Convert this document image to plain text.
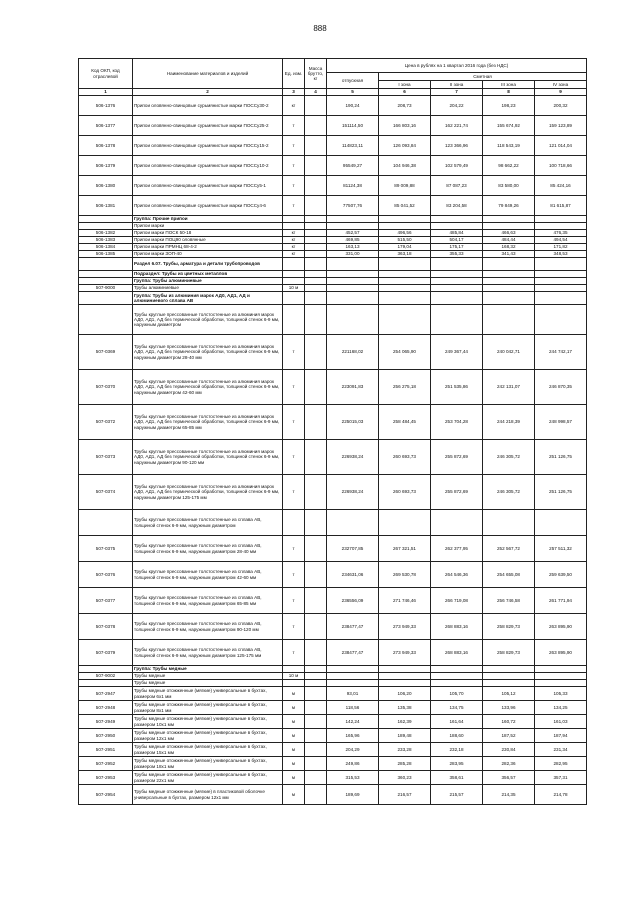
888
Код ОКП, код отраслевой	Наименование материалов и изделий	Ед. изм.	Масса брутто, кг	Цена в рублях на 1 квартал 2016 года (без НДС)				
				отпускная	Сметная			
					I зона	II зона	III зона	IV зона
1	2	3	4	5	6	7	8	9
506-1376	Припои оловянно-свинцовые сурьмянистые марки ПОССу30-2	кг		190,24	208,73	204,22	198,23	200,32
506-1377	Припои оловянно-свинцовые сурьмянистые марки ПОССу25-2	т		151114,50	166 803,16	162 221,74	155 674,92	159 123,89
506-1378	Припои оловянно-свинцовые сурьмянистые марки ПОССу15-2	т		114823,11	126 093,84	123 366,96	118 543,19	121 014,04
506-1379	Припои оловянно-свинцовые сурьмянистые марки ПОССу10-2	т		95549,27	104 946,38	102 579,49	98 662,22	100 718,66
506-1380	Припои оловянно-свинцовые сурьмянистые марки ПОССу5-1	т		81124,38	89 009,88	87 087,23	83 580,00	85 424,16
506-1381	Припои оловянно-свинцовые сурьмянистые марки ПОССу4-6	т		77507,76	85 041,52	83 204,58	79 849,26	81 615,87
	Группа: Прочие припои							
	Припои марки							
506-1382	Припои марки ПОСК 50-18	кг		452,57	496,56	485,84	466,63	476,35
506-1383	Припои марки ПОЦ90 оловянные	кг		469,85	515,50	504,17	484,44	494,54
506-1384	Припои марки ПРМНЦ 68-4-2	кг		163,13	179,04	175,17	168,32	171,82
506-1385	Припои марки ЗОП-40	кг		331,00	363,18	355,33	341,43	348,53
	Раздел 6.07. Трубы, арматура и детали трубопроводов							
	Подраздел: Трубы из цветных металлов							
	Группа: Трубы алюминиевые							
507-9000	Трубы алюминиевые	10 м						
	Группа: Трубы из алюминия марок АД0, АД1, АД и алюминиевого сплава АВ							
	Трубы круглые прессованные толстостенные из алюминия марок АД0, АД1, АД без термической обработки, толщиной стенок 6-9 мм, наружным диаметром							
507-0369	Трубы круглые прессованные толстостенные из алюминия марок АД0, АД1, АД без термической обработки, толщиной стенок 6-9 мм, наружным диаметром 28-40 мм	т		221168,02	254 065,90	249 367,44	240 042,71	244 742,17
507-0370	Трубы круглые прессованные толстостенные из алюминия марок АД0, АД1, АД без термической обработки, толщиной стенок 6-9 мм, наружным диаметром 42-60 мм	т		223091,83	256 275,18	251 535,86	242 131,07	246 870,35
507-0372	Трубы круглые прессованные толстостенные из алюминия марок АД0, АД1, АД без термической обработки, толщиной стенок 6-9 мм, наружным диаметром 65-85 мм	т		225015,03	258 484,45	253 704,28	244 218,39	248 998,57
507-0373	Трубы круглые прессованные толстостенные из алюминия марок АД0, АД1, АД без термической обработки, толщиной стенок 6-9 мм, наружным диаметром 90-120 мм	т		226938,24	260 693,73	255 872,69	246 305,72	251 126,75
507-0374	Трубы круглые прессованные толстостенные из алюминия марок АД0, АД1, АД без термической обработки, толщиной стенок 6-9 мм, наружным диаметром 125-175 мм	т		226938,24	260 693,73	255 872,69	246 305,72	251 126,75
	Трубы круглые прессованные толстостенные из сплава АВ, толщиной стенок 6-9 мм, наружным диаметром							
507-0375	Трубы круглые прессованные толстостенные из сплава АВ, толщиной стенок 6-9 мм, наружным диаметром 28-40 мм	т		232707,85	267 321,51	262 377,95	252 567,72	257 511,32
507-0376	Трубы круглые прессованные толстостенные из сплава АВ, толщиной стенок 6-9 мм, наружным диаметром 42-60 мм	т		234631,06	269 530,78	264 546,36	254 655,08	259 639,50
507-0377	Трубы круглые прессованные толстостенные из сплава АВ, толщиной стенок 6-9 мм, наружным диаметром 65-85 мм	т		236556,09	271 746,46	266 719,08	256 746,58	261 771,94
507-0378	Трубы круглые прессованные толстостенные из сплава АВ, толщиной стенок 6-9 мм, наружным диаметром 90-120 мм	т		238477,47	273 949,33	268 883,16	258 829,73	263 895,90
507-0379	Трубы круглые прессованные толстостенные из сплава АВ, толщиной стенок 6-9 мм, наружным диаметром 125-175 мм	т		238477,47	273 949,33	268 883,16	258 829,73	263 895,90
	Группа: Трубы медные							
507-9002	Трубы медные	10 м						
	Трубы медные							
507-2947	Трубы медные отожженные (мягкие) универсальные в бухтах, размером 6х1 мм	м		93,01	106,20	105,70	105,12	105,33
507-2948	Трубы медные отожженные (мягкие) универсальные в бухтах, размером 8х1 мм	м		118,56	135,38	134,75	133,96	134,25
507-2949	Трубы медные отожженные (мягкие) универсальные в бухтах, размером 10х1 мм	м		142,24	162,39	161,64	160,72	161,03
507-2950	Трубы медные отожженные (мягкие) универсальные в бухтах, размером 12х1 мм	м		165,96	189,48	188,60	187,52	187,94
507-2951	Трубы медные отожженные (мягкие) универсальные в бухтах, размером 15х1 мм	м		204,29	233,28	232,18	230,84	231,34
507-2952	Трубы медные отожженные (мягкие) универсальные в бухтах, размером 18х1 мм	м		249,86	285,28	283,95	282,36	282,95
507-2953	Трубы медные отожженные (мягкие) универсальные в бухтах, размером 22х1 мм	м		315,53	360,23	358,61	356,57	357,31
507-2954	Трубы медные отожженные (мягкие) в пластиковой оболочке универсальные в бухтах, размером 12х1 мм	м		189,69	216,57	215,57	214,35	214,78
